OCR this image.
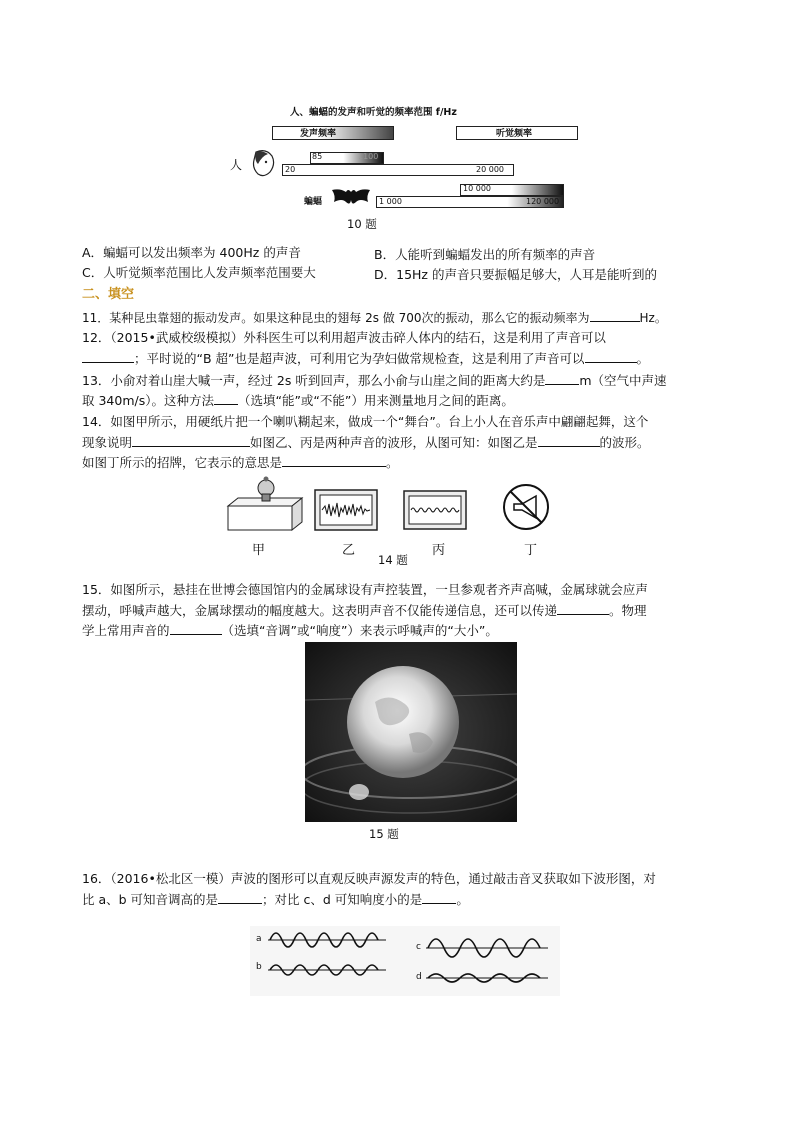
人、蝙蝠的发声和听觉的频率范围 f/Hz
发声频率	听觉频率
人
85	1100
20	20 000
10 000
蝙蝠	1 000	120 000
10 题
A．蝙蝠可以发出频率为 400Hz 的声音	B．人能听到蝙蝠发出的所有频率的声音
C．人听觉频率范围比人发声频率范围要大	D．15Hz 的声音只要振幅足够大，人耳是能听到的
二、填空
11．某种昆虫靠翅的振动发声。如果这种昆虫的翅每 2s 做 700次的振动，那么它的振动频率为	Hz。
12．（2015•武威校级模拟）外科医生可以利用超声波击碎人体内的结石，这是利用了声音可以
；平时说的“B 超”也是超声波，可利用它为孕妇做常规检查，这是利用了声音可以	。
13．小俞对着山崖大喊一声，经过 2s 听到回声，那么小俞与山崖之间的距离大约是	m（空气中声速
取 340m/s）。这种方法 （选填“能”或“不能”）用来测量地月之间的距离。
14．如图甲所示，用硬纸片把一个喇叭糊起来，做成一个“舞台”。台上小人在音乐声中翩翩起舞，这个
现象说明	如图乙、丙是两种声音的波形，从图可知：如图乙是	的波形。
如图丁所示的招牌，它表示的意思是	。
甲	乙	丙	丁
14 题
15．如图所示，悬挂在世博会德国馆内的金属球设有声控装置，一旦参观者齐声高喊，金属球就会应声
摆动，呼喊声越大，金属球摆动的幅度越大。这表明声音不仅能传递信息，还可以传递	。物理
学上常用声音的	（选填“音调”或“响度”）来表示呼喊声的“大小”。
15 题
16．（2016•松北区一模）声波的图形可以直观反映声源发声的特色，通过敲击音叉获取如下波形图，对
比 a、b 可知音调高的是	；对比 c、d 可知响度小的是	。
a
b
c
d
